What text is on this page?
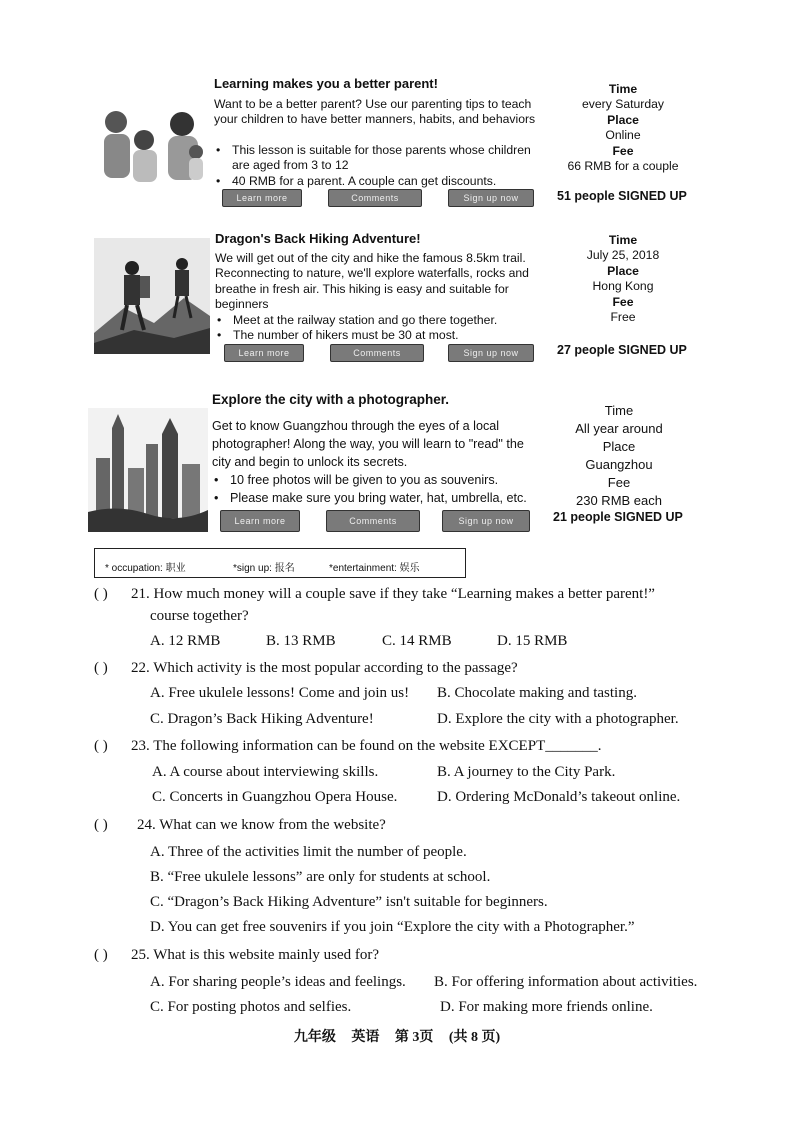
Learning makes you a better parent!
Want to be a better parent? Use our parenting tips to teach your children to have better manners, habits, and behaviors
• This lesson is suitable for those parents whose children are aged from 3 to 12
• 40 RMB for a parent. A couple can get discounts.
Learn more	Comments	Sign up now
Time
every Saturday
Place
Online
Fee
66 RMB for a couple
51 people SIGNED UP
Dragon's Back Hiking Adventure!
We will get out of the city and hike the famous 8.5km trail. Reconnecting to nature, we'll explore waterfalls, rocks and breathe in fresh air. This hiking is easy and suitable for beginners
• Meet at the railway station and go there together.
• The number of hikers must be 30 at most.
Learn more	Comments	Sign up now
Time
July 25, 2018
Place
Hong Kong
Fee
Free
27 people SIGNED UP
Explore the city with a photographer.
Get to know Guangzhou through the eyes of a local photographer! Along the way, you will learn to "read" the city and begin to unlock its secrets.
• 10 free photos will be given to you as souvenirs.
• Please make sure you bring water, hat, umbrella, etc.
Learn more	Comments	Sign up now
Time
All year around
Place
Guangzhou
Fee
230 RMB each
21 people SIGNED UP
* occupation: 职业	*sign up: 报名	*entertainment: 娱乐
( ) 21. How much money will a couple save if they take “Learning makes a better parent!”
course together?
A. 12 RMB	B. 13 RMB	C. 14 RMB	D. 15 RMB
( ) 22. Which activity is the most popular according to the passage?
A. Free ukulele lessons! Come and join us! B. Chocolate making and tasting.
C. Dragon’s Back Hiking Adventure!	D. Explore the city with a photographer.
( ) 23. The following information can be found on the website EXCEPT_______.
A. A course about interviewing skills.	B. A journey to the City Park.
C. Concerts in Guangzhou Opera House.	D. Ordering McDonald’s takeout online.
( ) 24. What can we know from the website?
A. Three of the activities limit the number of people.
B. “Free ukulele lessons” are only for students at school.
C. “Dragon’s Back Hiking Adventure” isn't suitable for beginners.
D. You can get free souvenirs if you join “Explore the city with a Photographer.”
( ) 25. What is this website mainly used for?
A. For sharing people’s ideas and feelings. B. For offering information about activities.
C. For posting photos and selfies.	D. For making more friends online.
九年级 英语 第 3页 (共 8 页)
